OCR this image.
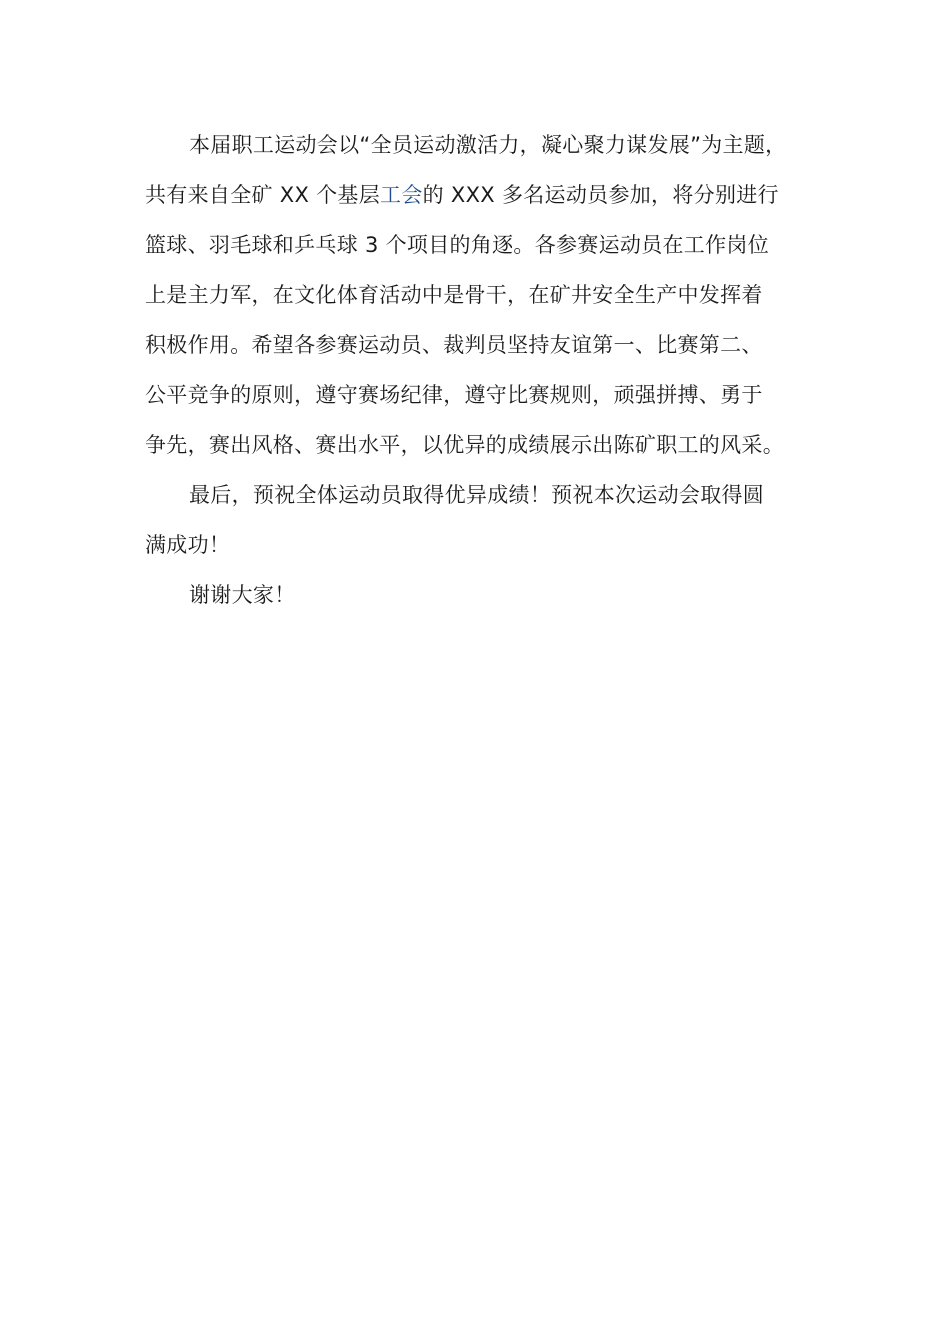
本届职工运动会以“全员运动激活力，凝心聚力谋发展”为主题，
共有来自全矿 XX 个基层工会的 XXX 多名运动员参加，将分别进行
篮球、羽毛球和乒乓球 3 个项目的角逐。各参赛运动员在工作岗位
上是主力军，在文化体育活动中是骨干，在矿井安全生产中发挥着
积极作用。希望各参赛运动员、裁判员坚持友谊第一、比赛第二、
公平竞争的原则，遵守赛场纪律，遵守比赛规则，顽强拼搏、勇于
争先，赛出风格、赛出水平，以优异的成绩展示出陈矿职工的风采。
最后，预祝全体运动员取得优异成绩！预祝本次运动会取得圆
满成功！
谢谢大家！
